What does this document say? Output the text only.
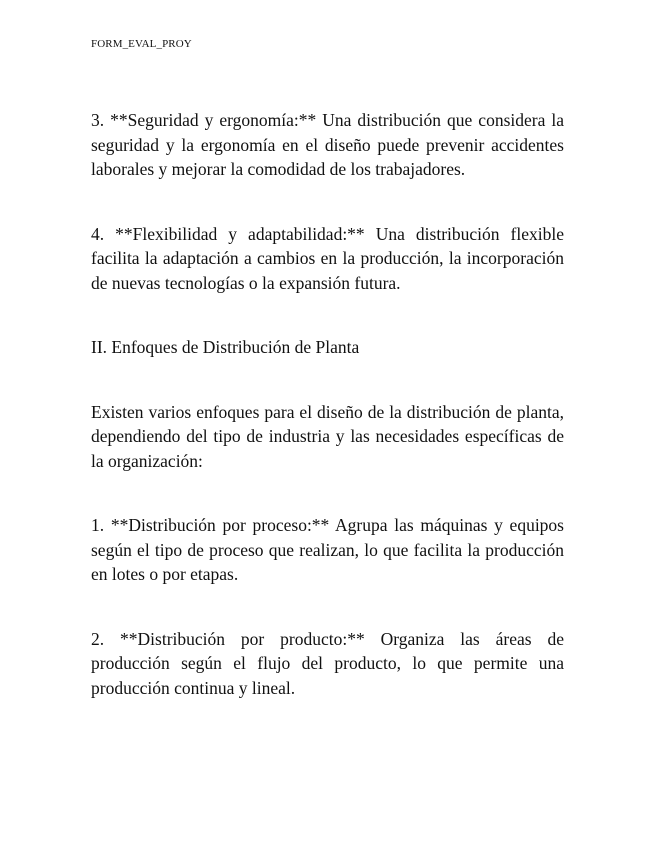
FORM_EVAL_PROY

3. **Seguridad y ergonomía:** Una distribución que considera la seguridad y la ergonomía en el diseño puede prevenir accidentes laborales y mejorar la comodidad de los trabajadores.

4. **Flexibilidad y adaptabilidad:** Una distribución flexible facilita la adaptación a cambios en la producción, la incorporación de nuevas tecnologías o la expansión futura.

II. Enfoques de Distribución de Planta

Existen varios enfoques para el diseño de la distribución de planta, dependiendo del tipo de industria y las necesidades específicas de la organización:

1. **Distribución por proceso:** Agrupa las máquinas y equipos según el tipo de proceso que realizan, lo que facilita la producción en lotes o por etapas.

2. **Distribución por producto:** Organiza las áreas de producción según el flujo del producto, lo que permite una producción continua y lineal.
